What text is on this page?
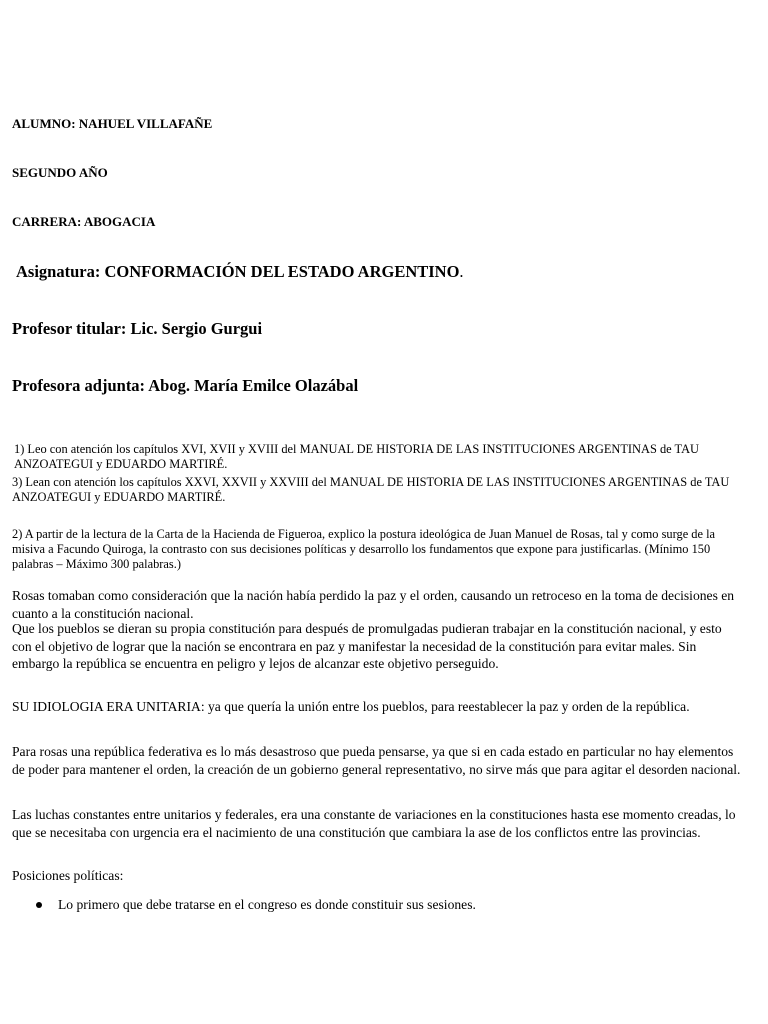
ALUMNO: NAHUEL VILLAFAÑE

SEGUNDO AÑO

CARRERA: ABOGACIA

Asignatura: CONFORMACIÓN DEL ESTADO ARGENTINO.

Profesor titular: Lic. Sergio Gurgui

Profesora adjunta: Abog. María Emilce Olazábal

1) Leo con atención los capítulos XVI, XVII y XVIII del MANUAL DE HISTORIA DE LAS INSTITUCIONES ARGENTINAS de TAU ANZOATEGUI y EDUARDO MARTIRÉ.

3) Lean con atención los capítulos XXVI, XXVII y XXVIII del MANUAL DE HISTORIA DE LAS INSTITUCIONES ARGENTINAS de TAU ANZOATEGUI y EDUARDO MARTIRÉ.

2) A partir de la lectura de la Carta de la Hacienda de Figueroa, explico la postura ideológica de Juan Manuel de Rosas, tal y como surge de la misiva a Facundo Quiroga, la contrasto con sus decisiones políticas y desarrollo los fundamentos que expone para justificarlas. (Mínimo 150 palabras – Máximo 300 palabras.)

Rosas tomaban como consideración que la nación había perdido la paz y el orden, causando un retroceso en la toma de decisiones en cuanto a la constitución nacional.

Que los pueblos se dieran su propia constitución para después de promulgadas pudieran trabajar en la constitución nacional, y esto con el objetivo de lograr que la nación se encontrara en paz y manifestar la necesidad de la constitución para evitar males. Sin embargo la república se encuentra en peligro y lejos de alcanzar este objetivo perseguido.

SU IDIOLOGIA ERA UNITARIA: ya que quería la unión entre los pueblos, para reestablecer la paz y orden de la república.

Para rosas una república federativa es lo más desastroso que pueda pensarse, ya que si en cada estado en particular no hay elementos de poder para mantener el orden, la creación de un gobierno general representativo, no sirve más que para agitar el desorden nacional.

Las luchas constantes entre unitarios y federales, era una constante de variaciones en la constituciones hasta ese momento creadas, lo que se necesitaba con urgencia era el nacimiento de una constitución que cambiara la ase de los conflictos entre las provincias.

Posiciones políticas:

Lo primero que debe tratarse en el congreso es donde constituir sus sesiones.
